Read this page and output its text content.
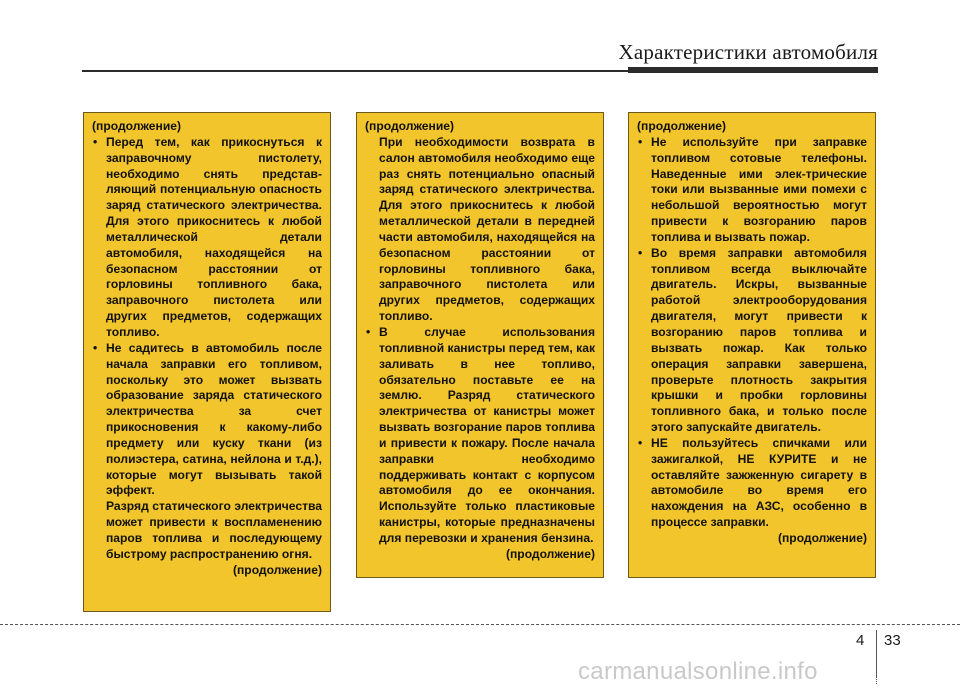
Характеристики автомобиля

(продолжение)

• Перед тем, как прикоснуться к заправочному пистолету, необходимо снять представ-ляющий потенциальную опасность заряд статического электричества. Для этого прикоснитесь к любой металлической детали автомобиля, находящейся на безопасном расстоянии от горловины топливного бака, заправочного пистолета или других предметов, содержащих топливо.

• Не садитесь в автомобиль после начала заправки его топливом, поскольку это может вызвать образование заряда статического электричества за счет прикосновения к какому-либо предмету или куску ткани (из полиэстера, сатина, нейлона и т.д.), которые могут вызывать такой эффект.

Разряд статического электричества может привести к воспламенению паров топлива и последующему быстрому распространению огня.

(продолжение)

(продолжение)

При необходимости возврата в салон автомобиля необходимо еще раз снять потенциально опасный заряд статического электричества. Для этого прикоснитесь к любой металлической детали в передней части автомобиля, находящейся на безопасном расстоянии от горловины топливного бака, заправочного пистолета или других предметов, содержащих топливо.

• В случае использования топливной канистры перед тем, как заливать в нее топливо, обязательно поставьте ее на землю. Разряд статического электричества от канистры может вызвать возгорание паров топлива и привести к пожару. После начала заправки необходимо поддерживать контакт с корпусом автомобиля до ее окончания. Используйте только пластиковые канистры, которые предназначены для перевозки и хранения бензина.

(продолжение)

(продолжение)

• Не используйте при заправке топливом сотовые телефоны. Наведенные ими элек-трические токи или вызванные ими помехи с небольшой вероятностью могут привести к возгоранию паров топлива и вызвать пожар.

• Во время заправки автомобиля топливом всегда выключайте двигатель. Искры, вызванные работой электрооборудования двигателя, могут привести к возгоранию паров топлива и вызвать пожар. Как только операция заправки завершена, проверьте плотность закрытия крышки и пробки горловины топливного бака, и только после этого запускайте двигатель.

• НЕ пользуйтесь спичками или зажигалкой, НЕ КУРИТЕ и не оставляйте зажженную сигарету в автомобиле во время его нахождения на АЗС, особенно в процессе заправки.

(продолжение)

4 33
carmanualsonline.info
